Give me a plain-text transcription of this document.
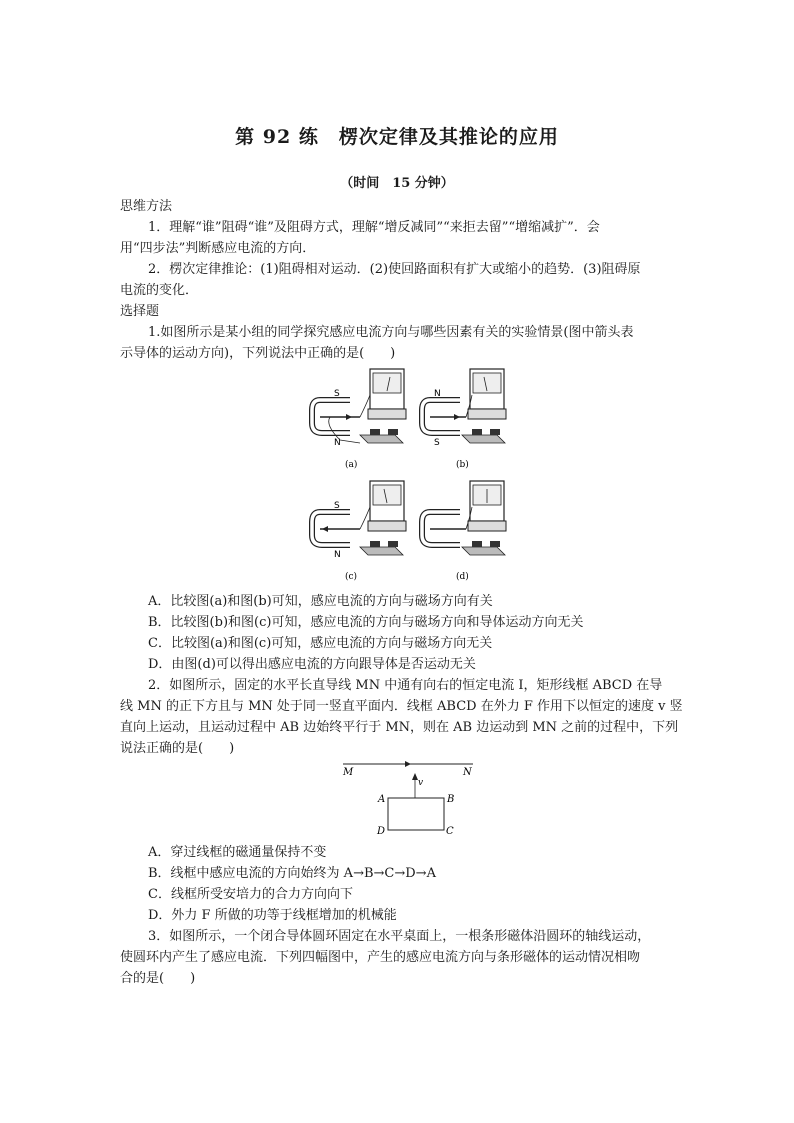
第 92 练　楞次定律及其推论的应用
（时间　15 分钟）
思维方法
1．理解“谁”阻碍“谁”及阻碍方式，理解“增反减同”“来拒去留”“增缩减扩”．会
用“四步法”判断感应电流的方向．
2．楞次定律推论：(1)阻碍相对运动．(2)使回路面积有扩大或缩小的趋势．(3)阻碍原
电流的变化．
选择题
1.如图所示是某小组的同学探究感应电流方向与哪些因素有关的实验情景(图中箭头表
示导体的运动方向)，下列说法中正确的是(　　)
S
N
(a)
N
S
(b)
S
N
(c)	(d)
A．比较图(a)和图(b)可知，感应电流的方向与磁场方向有关
B．比较图(b)和图(c)可知，感应电流的方向与磁场方向和导体运动方向无关
C．比较图(a)和图(c)可知，感应电流的方向与磁场方向无关
D．由图(d)可以得出感应电流的方向跟导体是否运动无关
2．如图所示，固定的水平长直导线 MN 中通有向右的恒定电流 I，矩形线框 ABCD 在导
线 MN 的正下方且与 MN 处于同一竖直平面内．线框 ABCD 在外力 F 作用下以恒定的速度 v 竖
直向上运动，且运动过程中 AB 边始终平行于 MN，则在 AB 边运动到 MN 之前的过程中，下列
说法正确的是(　　)
M	N
v
A	B
C
D
A．穿过线框的磁通量保持不变
B．线框中感应电流的方向始终为 A→B→C→D→A
C．线框所受安培力的合力方向向下
D．外力 F 所做的功等于线框增加的机械能
3．如图所示，一个闭合导体圆环固定在水平桌面上，一根条形磁体沿圆环的轴线运动，
使圆环内产生了感应电流．下列四幅图中，产生的感应电流方向与条形磁体的运动情况相吻
合的是(　　)
